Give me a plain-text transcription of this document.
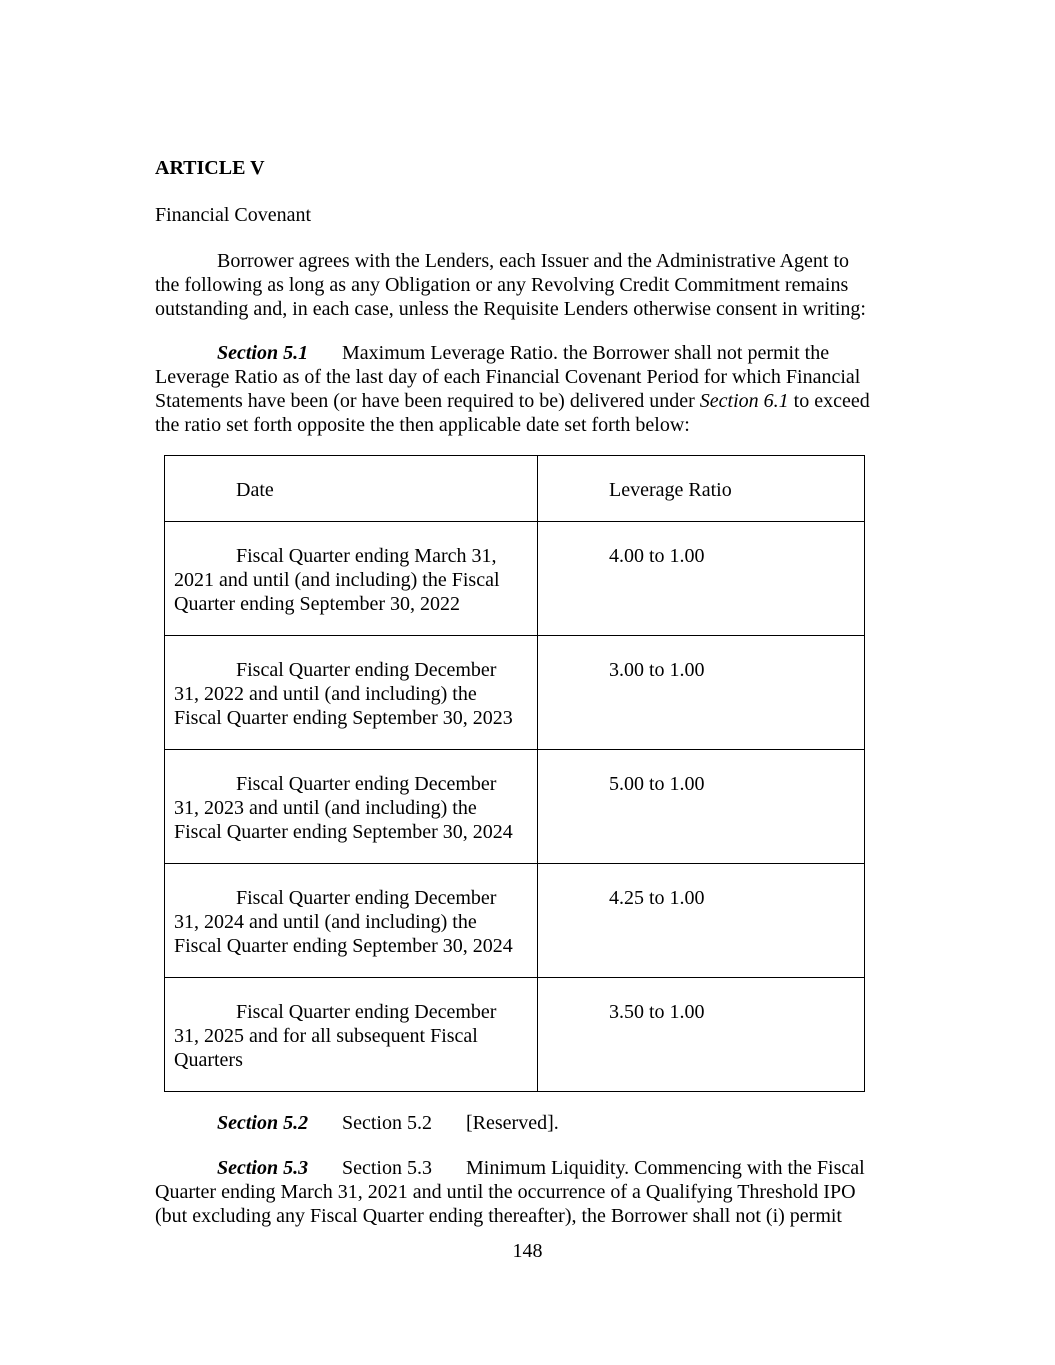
ARTICLE V
Financial Covenant
Borrower agrees with the Lenders, each Issuer and the Administrative Agent to
the following as long as any Obligation or any Revolving Credit Commitment remains
outstanding and, in each case, unless the Requisite Lenders otherwise consent in writing:
Section 5.1 Maximum Leverage Ratio. the Borrower shall not permit the
Leverage Ratio as of the last day of each Financial Covenant Period for which Financial
Statements have been (or have been required to be) delivered under Section 6.1 to exceed
the ratio set forth opposite the then applicable date set forth below:
Date	Leverage Ratio

Fiscal Quarter ending March 31,
2021 and until (and including) the Fiscal
Quarter ending September 30, 2022	4.00 to 1.00

Fiscal Quarter ending December
31, 2022 and until (and including) the
Fiscal Quarter ending September 30, 2023	3.00 to 1.00

Fiscal Quarter ending December
31, 2023 and until (and including) the
Fiscal Quarter ending September 30, 2024	5.00 to 1.00

Fiscal Quarter ending December
31, 2024 and until (and including) the
Fiscal Quarter ending September 30, 2024	4.25 to 1.00

Fiscal Quarter ending December
31, 2025 and for all subsequent Fiscal
Quarters	3.50 to 1.00
Section 5.2 Section 5.2 [Reserved].
Section 5.3 Section 5.3 Minimum Liquidity. Commencing with the Fiscal
Quarter ending March 31, 2021 and until the occurrence of a Qualifying Threshold IPO
(but excluding any Fiscal Quarter ending thereafter), the Borrower shall not (i) permit
148
